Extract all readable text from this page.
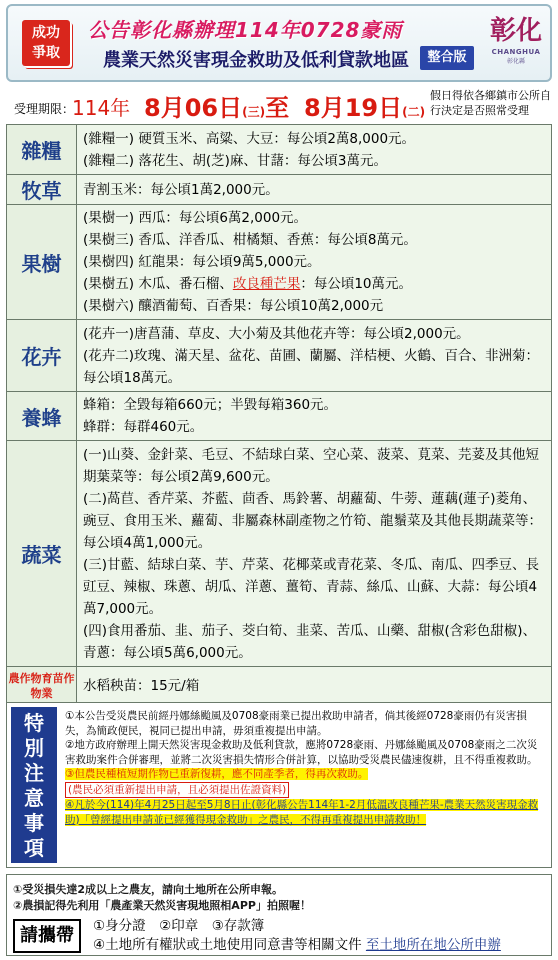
成功
爭取
公告彰化縣辦理114年0728豪雨
農業天然災害現金救助及低利貸款地區	整合版
彰化
CHANGHUA
彰化縣
受理期限：
114年 8月06日(三)至 8月19日(二)
假日得依各鄉鎮市公所自行決定是否照常受理
雜糧	(雜糧一) 硬質玉米、高粱、大豆：每公頃2萬8,000元。
(雜糧二) 落花生、胡(芝)麻、甘藷：每公頃3萬元。

牧草	青割玉米：每公頃1萬2,000元。

果樹	(果樹一) 西瓜：每公頃6萬2,000元。
(果樹三) 香瓜、洋香瓜、柑橘類、香蕉：每公頃8萬元。
(果樹四) 紅龍果：每公頃9萬5,000元。
(果樹五) 木瓜、番石榴、改良種芒果：每公頃10萬元。
(果樹六) 釀酒葡萄、百香果：每公頃10萬2,000元

花卉	(花卉一)唐菖蒲、草皮、大小菊及其他花卉等：每公頃2,000元。
(花卉二)玫瑰、滿天星、盆花、苗圃、蘭屬、洋桔梗、火鶴、百合、非洲菊：每公頃18萬元。

養蜂	蜂箱：全毀每箱660元；半毀每箱360元。
蜂群：每群460元。

蔬菜	(一)山葵、金針菜、毛豆、不結球白菜、空心菜、菠菜、莧菜、芫荽及其他短期葉菜等：每公頃2萬9,600元。
(二)萵苣、香芹菜、芥藍、茴香、馬鈴薯、胡蘿蔔、牛蒡、蓮藕(蓮子)菱角、豌豆、食用玉米、蘿蔔、非屬森林副產物之竹筍、龍鬚菜及其他長期蔬菜等：每公頃4萬1,000元。
(三)甘藍、結球白菜、芋、芹菜、花椰菜或青花菜、冬瓜、南瓜、四季豆、長豇豆、辣椒、珠蔥、胡瓜、洋蔥、薑筍、青蒜、絲瓜、山蘇、大蒜：每公頃4萬7,000元。
(四)食用番茄、韭、茄子、茭白筍、韭菜、苦瓜、山藥、甜椒(含彩色甜椒)、青蔥：每公頃5萬6,000元。

農作物育苗作物業	水稻秧苗：15元/箱
特別注意事項
①本公告受災農民前經丹娜絲颱風及0708豪雨業已提出救助申請者，倘其後經0728豪雨仍有災害損失，為簡政便民，視同已提出申請，毋須重複提出申請。
②地方政府辦理上開天然災害現金救助及低利貸款，應將0728豪雨、丹娜絲颱風及0708豪雨之二次災害救助案件合併審理，並將二次災害損失情形合併計算，以協助受災農民儘速復耕，且不得重複救助。
③但農民種植短期作物已重新復耕，應不同產季者，得再次救助。
(農民必須重新提出申請，且必須提出佐證資料)
④凡於今(114)年4月25日起至5月8日止(彰化縣公告114年1-2月低溫改良種芒果-農業天然災害現金救助)「曾經提出申請並已經獲得現金救助」之農民，不得再重複提出申請救助！
①受災損失達2成以上之農友，請向土地所在公所申報。
②農損記得先利用「農產業天然災害現地照相APP」拍照喔！
請攜帶	①身分證　②印章　③存款簿
④土地所有權狀或土地使用同意書等相關文件 至土地所在地公所申辦
